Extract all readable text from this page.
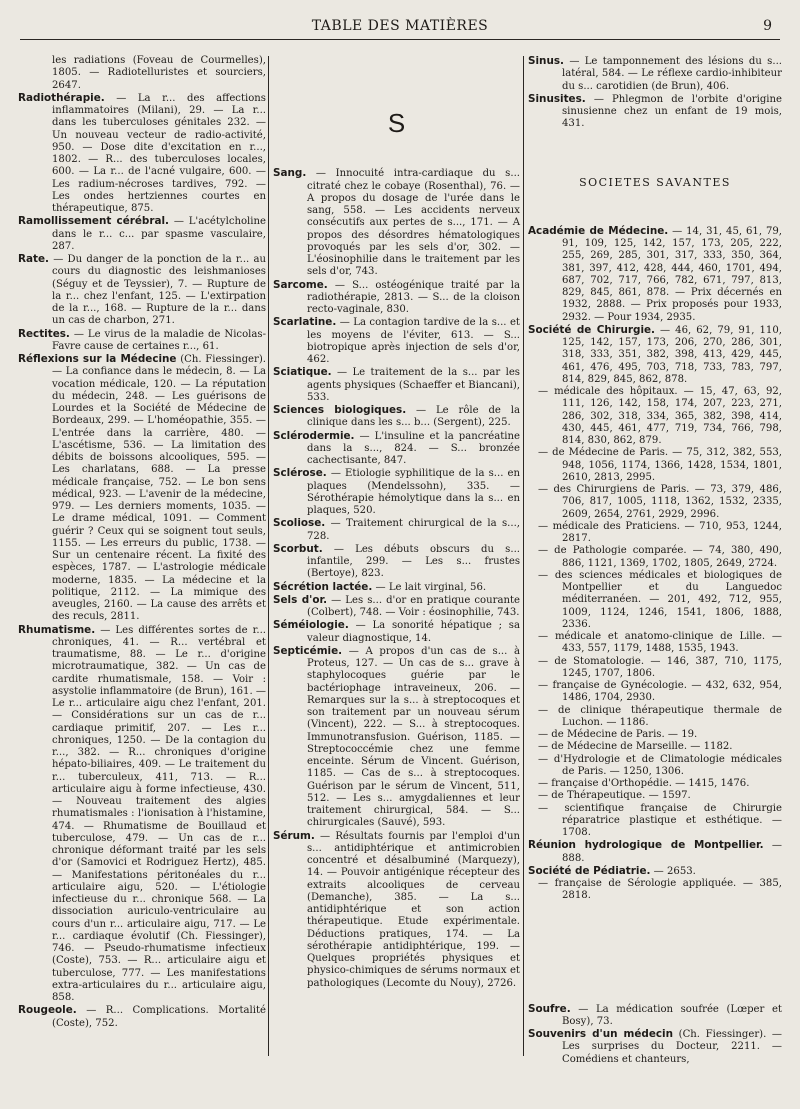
TABLE DES MATIÈRES	9

les radiations (Foveau de Courmelles), 1805. — Radiotelluristes et sourciers, 2647.

Radiothérapie. — La r... des affections inflammatoires (Milani), 29. — La r... dans les tuberculoses génitales 232. — Un nouveau vecteur de radio-activité, 950. — Dose dite d'excitation en r..., 1802. — R... des tuberculoses locales, 600. — La r... de l'acné vulgaire, 600. — Les radium-nécroses tardives, 792. — Les ondes hertziennes courtes en thérapeutique, 875.

Ramollissement cérébral. — L'acétylcholine dans le r... c... par spasme vasculaire, 287.

Rate. — Du danger de la ponction de la r... au cours du diagnostic des leishmanioses (Séguy et de Teyssier), 7. — Rupture de la r... chez l'enfant, 125. — L'extirpation de la r..., 168. — Rupture de la r... dans un cas de charbon, 271.

Rectites. — Le virus de la maladie de Nicolas-Favre cause de certaines r..., 61.

Réflexions sur la Médecine (Ch. Fiessinger). — La confiance dans le médecin, 8. — La vocation médicale, 120. — La réputation du médecin, 248. — Les guérisons de Lourdes et la Société de Médecine de Bordeaux, 299. — L'homéopathie, 355. — L'entrée dans la carrière, 480. — L'ascétisme, 536. — La limitation des débits de boissons alcooliques, 595. — Les charlatans, 688. — La presse médicale française, 752. — Le bon sens médical, 923. — L'avenir de la médecine, 979. — Les derniers moments, 1035. — Le drame médical, 1091. — Comment guérir ? Ceux qui se soignent tout seuls, 1155. — Les erreurs du public, 1738. — Sur un centenaire récent. La fixité des espèces, 1787. — L'astrologie médicale moderne, 1835. — La médecine et la politique, 2112. — La mimique des aveugles, 2160. — La cause des arrêts et des reculs, 2811.

Rhumatisme. — Les différentes sortes de r... chroniques, 41. — R... vertébral et traumatisme, 88. — Le r... d'origine microtraumatique, 382. — Un cas de cardite rhumatismale, 158. — Voir : asystolie inflammatoire (de Brun), 161. — Le r... articulaire aigu chez l'enfant, 201. — Considérations sur un cas de r... cardiaque primitif, 207. — Les r... chroniques, 1250. — De la contagion du r..., 382. — R... chroniques d'origine hépato-biliaires, 409. — Le traitement du r... tuberculeux, 411, 713. — R... articulaire aigu à forme infectieuse, 430. — Nouveau traitement des algies rhumatismales : l'ionisation à l'histamine, 474. — Rhumatisme de Bouillaud et tuberculose, 479. — Un cas de r... chronique déformant traité par les sels d'or (Samovici et Rodriguez Hertz), 485. — Manifestations péritonéales du r... articulaire aigu, 520. — L'étiologie infectieuse du r... chronique 568. — La dissociation auriculo-ventriculaire au cours d'un r... articulaire aigu, 717. — Le r... cardiaque évolutif (Ch. Fiessinger), 746. — Pseudo-rhumatisme infectieux (Coste), 753. — R... articulaire aigu et tuberculose, 777. — Les manifestations extra-articulaires du r... articulaire aigu, 858.

Rougeole. — R... Complications. Mortalité (Coste), 752.

S

Sang. — Innocuité intra-cardiaque du s... citraté chez le cobaye (Rosenthal), 76. — A propos du dosage de l'urée dans le sang, 558. — Les accidents nerveux consécutifs aux pertes de s..., 171. — A propos des désordres hématologiques provoqués par les sels d'or, 302. — L'éosinophilie dans le traitement par les sels d'or, 743.

Sarcome. — S... ostéogénique traité par la radiothérapie, 2813. — S... de la cloison recto-vaginale, 830.

Scarlatine. — La contagion tardive de la s... et les moyens de l'éviter, 613. — S... biotropique après injection de sels d'or, 462.

Sciatique. — Le traitement de la s... par les agents physiques (Schaeffer et Biancani), 533.

Sciences biologiques. — Le rôle de la clinique dans les s... b... (Sergent), 225.

Sclérodermie. — L'insuline et la pancréatine dans la s..., 824. — S... bronzée cachectisante, 847.

Sclérose. — Etiologie syphilitique de la s... en plaques (Mendelssohn), 335. — Sérothérapie hémolytique dans la s... en plaques, 520.

Scoliose. — Traitement chirurgical de la s..., 728.

Scorbut. — Les débuts obscurs du s... infantile, 299. — Les s... frustes (Bertoye), 823.

Sécrétion lactée. — Le lait virginal, 56.

Sels d'or. — Les s... d'or en pratique courante (Colbert), 748. — Voir : éosinophilie, 743.

Séméiologie. — La sonorité hépatique ; sa valeur diagnostique, 14.

Septicémie. — A propos d'un cas de s... à Proteus, 127. — Un cas de s... grave à staphylocoques guérie par le bactériophage intraveineux, 206. — Remarques sur la s... à streptocoques et son traitement par un nouveau sérum (Vincent), 222. — S... à streptocoques. Immunotransfusion. Guérison, 1185. — Streptococcémie chez une femme enceinte. Sérum de Vincent. Guérison, 1185. — Cas de s... à streptocoques. Guérison par le sérum de Vincent, 511, 512. — Les s... amygdaliennes et leur traitement chirurgical, 584. — S... chirurgicales (Sauvé), 593.

Sérum. — Résultats fournis par l'emploi d'un s... antidiphtérique et antimicrobien concentré et désalbuminé (Marquezy), 14. — Pouvoir antigénique récepteur des extraits alcooliques de cerveau (Demanche), 385. — La s... antidiphtérique et son action thérapeutique. Etude expérimentale. Déductions pratiques, 174. — La sérothérapie antidiphtérique, 199. — Quelques propriétés physiques et physico-chimiques de sérums normaux et pathologiques (Lecomte du Nouy), 2726.

Sinus. — Le tamponnement des lésions du s... latéral, 584. — Le réflexe cardio-inhibiteur du s... carotidien (de Brun), 406.

Sinusites. — Phlegmon de l'orbite d'origine sinusienne chez un enfant de 19 mois, 431.

SOCIETES SAVANTES

Académie de Médecine. — 14, 31, 45, 61, 79, 91, 109, 125, 142, 157, 173, 205, 222, 255, 269, 285, 301, 317, 333, 350, 364, 381, 397, 412, 428, 444, 460, 1701, 494, 687, 702, 717, 766, 782, 671, 797, 813, 829, 845, 861, 878. — Prix décernés en 1932, 2888. — Prix proposés pour 1933, 2932. — Pour 1934, 2935.

Société de Chirurgie. — 46, 62, 79, 91, 110, 125, 142, 157, 173, 206, 270, 286, 301, 318, 333, 351, 382, 398, 413, 429, 445, 461, 476, 495, 703, 718, 733, 783, 797, 814, 829, 845, 862, 878.

— médicale des hôpitaux. — 15, 47, 63, 92, 111, 126, 142, 158, 174, 207, 223, 271, 286, 302, 318, 334, 365, 382, 398, 414, 430, 445, 461, 477, 719, 734, 766, 798, 814, 830, 862, 879.

— de Médecine de Paris. — 75, 312, 382, 553, 948, 1056, 1174, 1366, 1428, 1534, 1801, 2610, 2813, 2995.

— des Chirurgiens de Paris. — 73, 379, 486, 706, 817, 1005, 1118, 1362, 1532, 2335, 2609, 2654, 2761, 2929, 2996.

— médicale des Praticiens. — 710, 953, 1244, 2817.

— de Pathologie comparée. — 74, 380, 490, 886, 1121, 1369, 1702, 1805, 2649, 2724.

— des sciences médicales et biologiques de Montpellier et du Languedoc méditerranéen. — 201, 492, 712, 955, 1009, 1124, 1246, 1541, 1806, 1888, 2336.

— médicale et anatomo-clinique de Lille. — 433, 557, 1179, 1488, 1535, 1943.

— de Stomatologie. — 146, 387, 710, 1175, 1245, 1707, 1806.

— française de Gynécologie. — 432, 632, 954, 1486, 1704, 2930.

— de clinique thérapeutique thermale de Luchon. — 1186.

— de Médecine de Paris. — 19.

— de Médecine de Marseille. — 1182.

— d'Hydrologie et de Climatologie médicales de Paris. — 1250, 1306.

— française d'Orthopédie. — 1415, 1476.

— de Thérapeutique. — 1597.

— scientifique française de Chirurgie réparatrice plastique et esthétique. — 1708.

Réunion hydrologique de Montpellier. — 888.

Société de Pédiatrie. — 2653.

— française de Sérologie appliquée. — 385, 2818.

Soufre. — La médication soufrée (Lœper et Bosy), 73.

Souvenirs d'un médecin (Ch. Fiessinger). — Les surprises du Docteur, 2211. — Comédiens et chanteurs,
